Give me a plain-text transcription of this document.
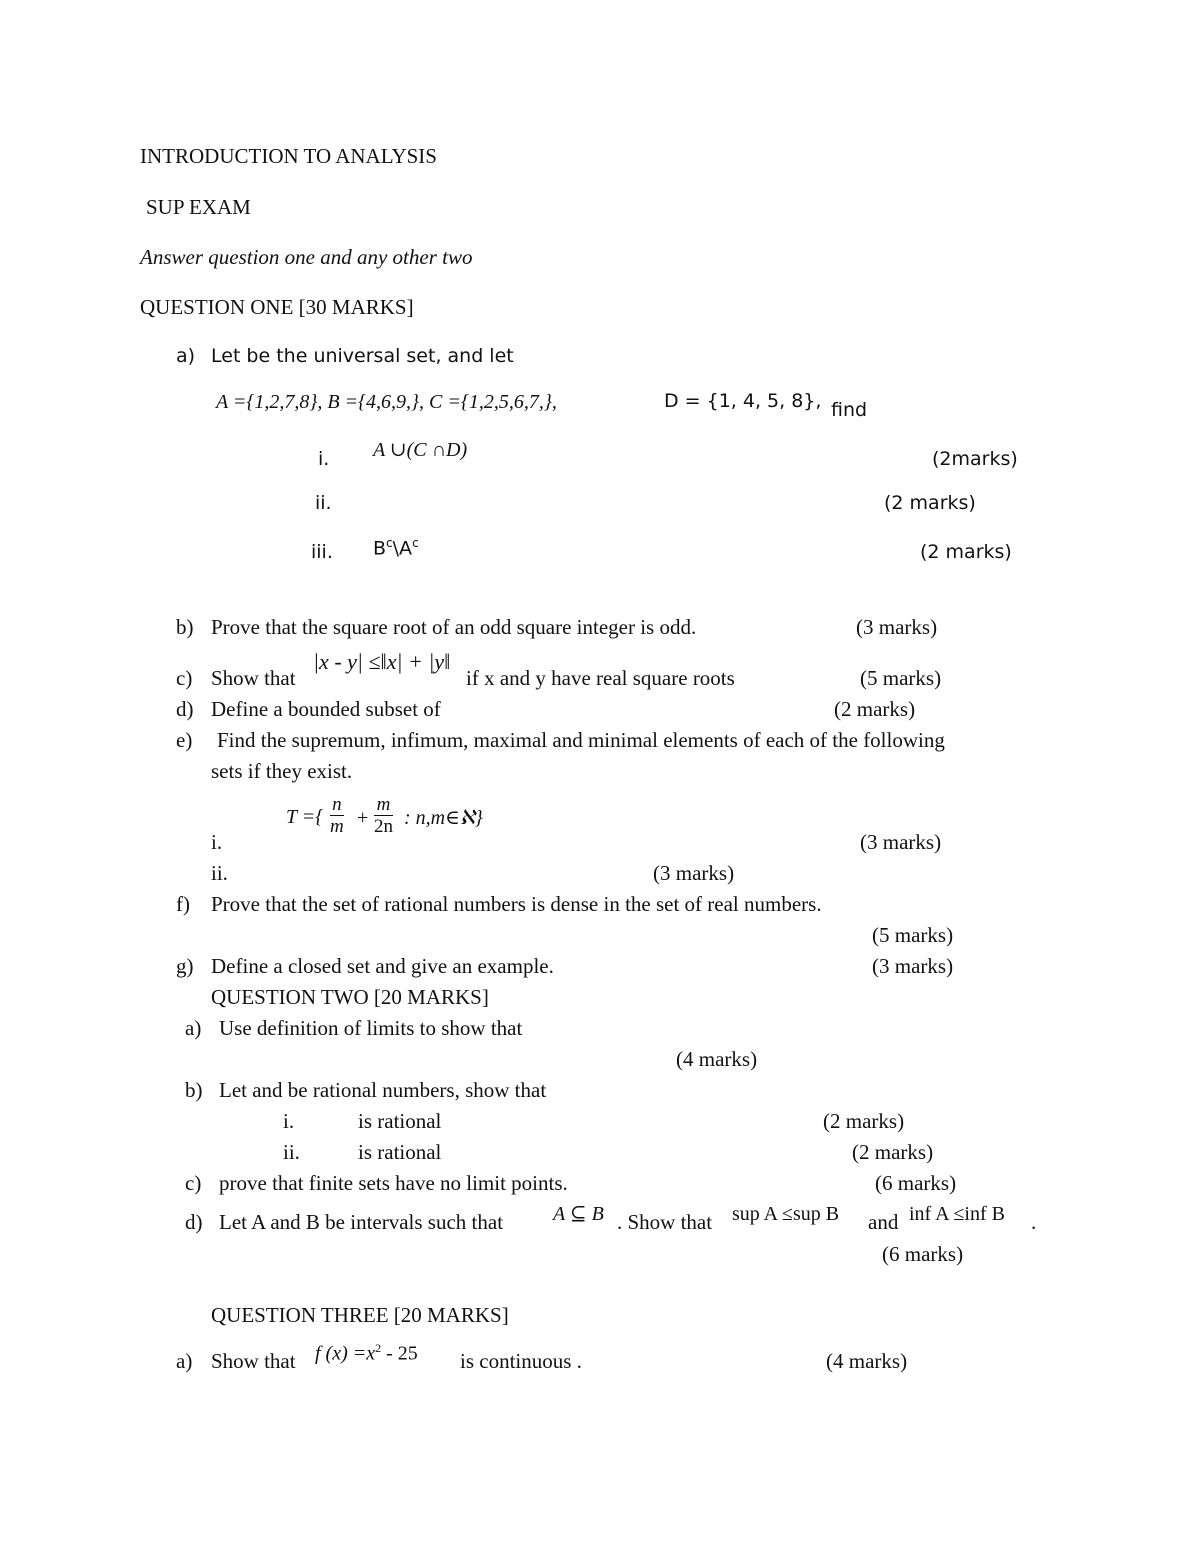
INTRODUCTION TO ANALYSIS
SUP EXAM
Answer question one and any other two
QUESTION ONE [30 MARKS]
a) Let be the universal set, and let
A ={1,2,7,8}, B ={4,6,9,}, C ={1,2,5,6,7,},	D = {1, 4, 5, 8}, find
i. A ∪(C ∩D)	(2marks)
ii.	(2 marks)
iii. $B^c\backslash A^c$	(2 marks)
b) Prove that the square root of an odd square integer is odd.	(3 marks)
c) Show that
|x - y| ≤‖x| + |y‖
if x and y have real square roots	(5 marks)
d) Define a bounded subset of	(2 marks)
e) Find the supremum, infimum, maximal and minimal elements of each of the following
sets if they exist.
T ={ $\frac{n}{m} + \frac{m}{2n}$ : n,m∈ℵ}
i.	(3 marks)
ii.	(3 marks)
f) Prove that the set of rational numbers is dense in the set of real numbers.
(5 marks)
g) Define a closed set and give an example.	(3 marks)
QUESTION TWO [20 MARKS]
a) Use definition of limits to show that
(4 marks)
b) Let and be rational numbers, show that
i.	is rational	(2 marks)
ii.	is rational	(2 marks)
c) prove that finite sets have no limit points.	(6 marks)
d) Let A and B be intervals such that A ⊆ B . Show that sup A ≤sup B and inf A ≤inf B .
(6 marks)
QUESTION THREE [20 MARKS]
a) Show that f $(x) =x^2 - 25$ is continuous .	(4 marks)
